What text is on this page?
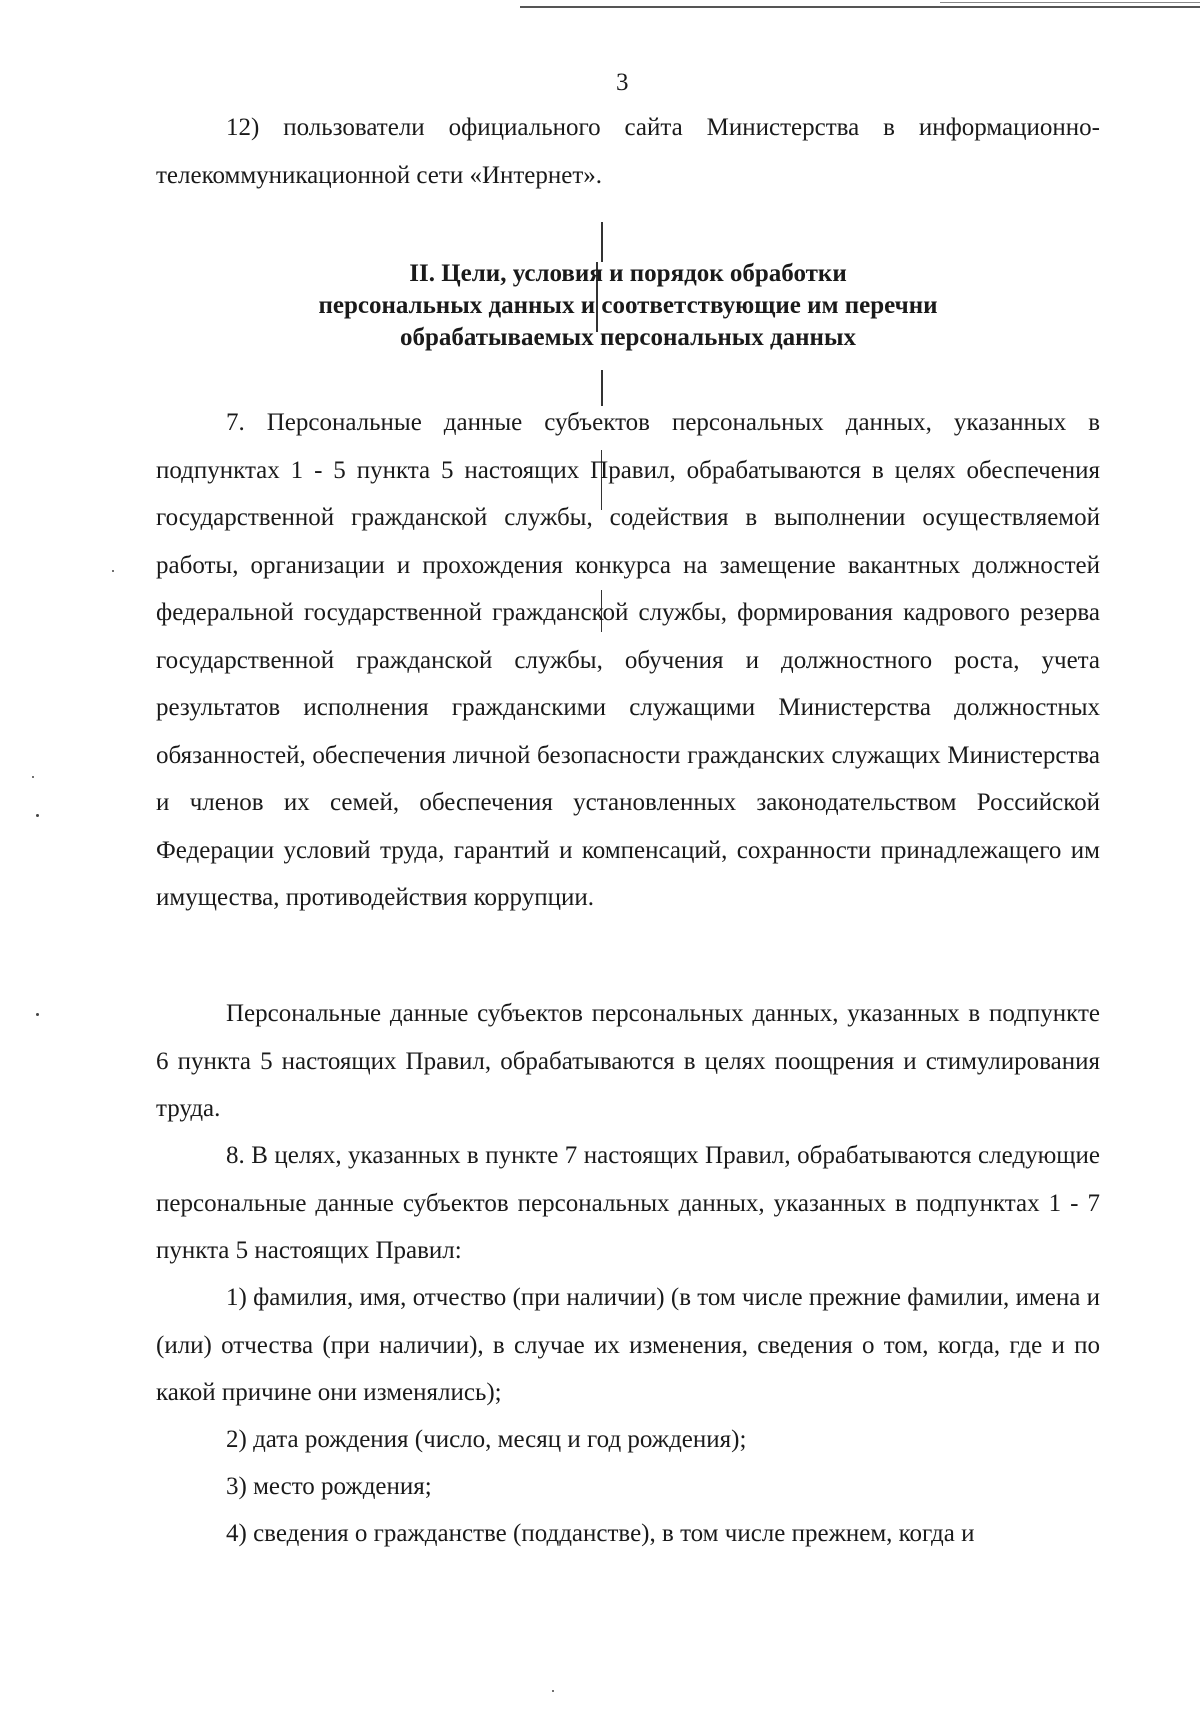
3

12) пользователи официального сайта Министерства в информационно-телекоммуникационной сети «Интернет».

II. Цели, условия и порядок обработки
персональных данных и соответствующие им перечни
обрабатываемых персональных данных

7. Персональные данные субъектов персональных данных, указанных в подпунктах 1 - 5 пункта 5 настоящих Правил, обрабатываются в целях обеспечения государственной гражданской службы, содействия в выполнении осуществляемой работы, организации и прохождения конкурса на замещение вакантных должностей федеральной государственной гражданской службы, формирования кадрового резерва государственной гражданской службы, обучения и должностного роста, учета результатов исполнения гражданскими служащими Министерства должностных обязанностей, обеспечения личной безопасности гражданских служащих Министерства и членов их семей, обеспечения установленных законодательством Российской Федерации условий труда, гарантий и компенсаций, сохранности принадлежащего им имущества, противодействия коррупции.

Персональные данные субъектов персональных данных, указанных в подпункте 6 пункта 5 настоящих Правил, обрабатываются в целях поощрения и стимулирования труда.

8. В целях, указанных в пункте 7 настоящих Правил, обрабатываются следующие персональные данные субъектов персональных данных, указанных в подпунктах 1 - 7 пункта 5 настоящих Правил:

1) фамилия, имя, отчество (при наличии) (в том числе прежние фамилии, имена и (или) отчества (при наличии), в случае их изменения, сведения о том, когда, где и по какой причине они изменялись);

2) дата рождения (число, месяц и год рождения);

3) место рождения;

4) сведения о гражданстве (подданстве), в том числе прежнем, когда и
